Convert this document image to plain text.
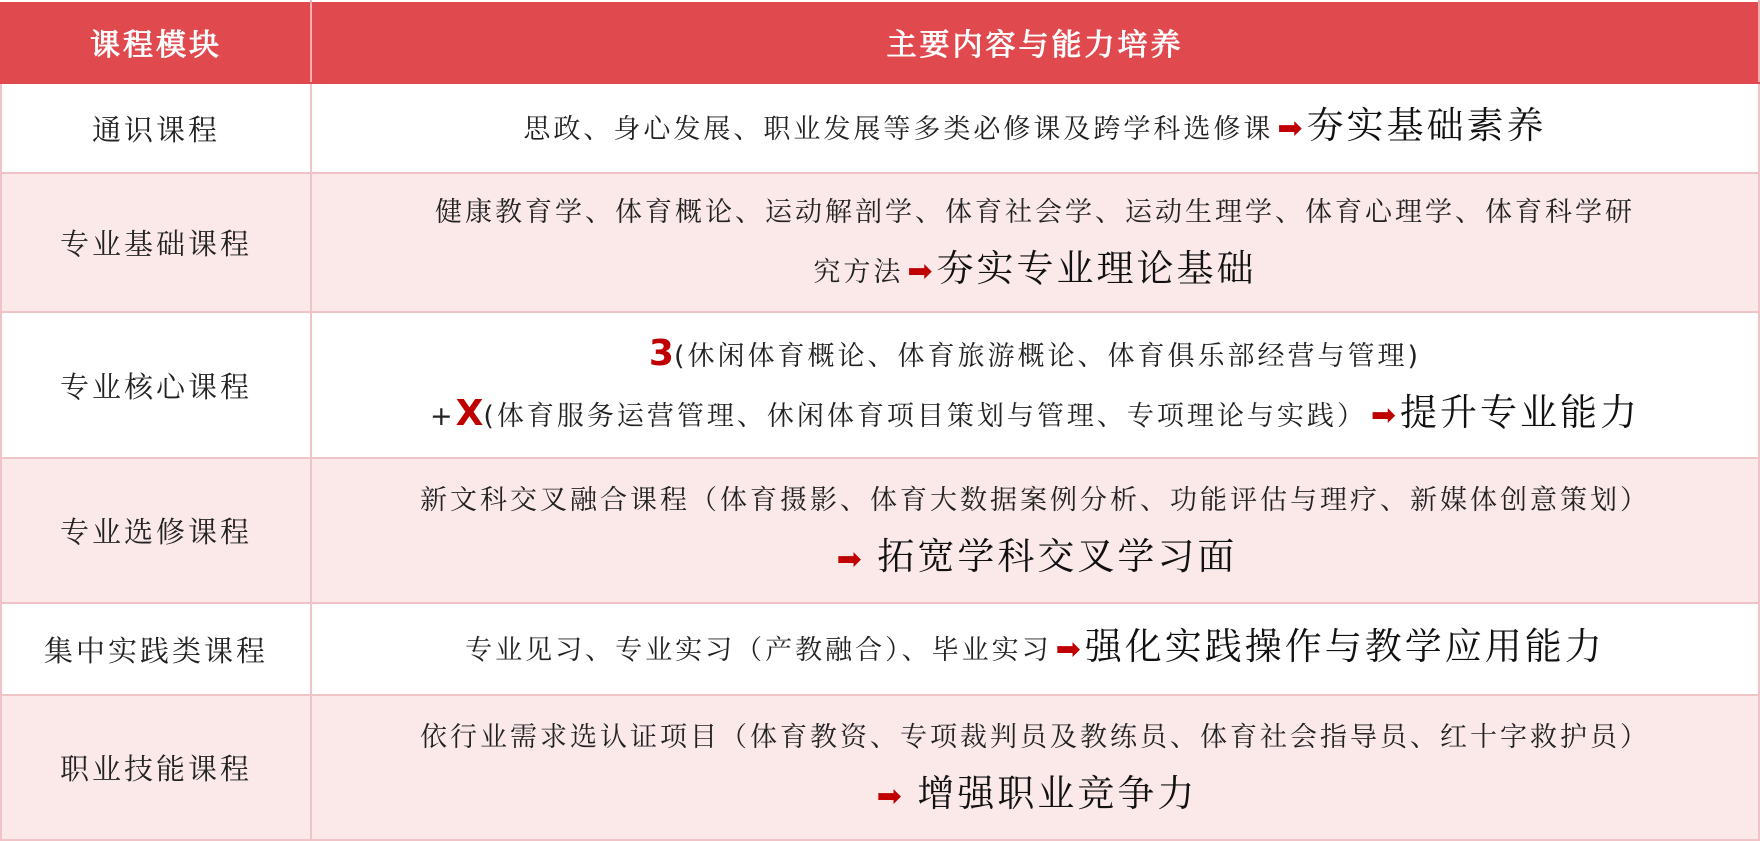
课程模块	主要内容与能力培养
通识课程	思政、身心发展、职业发展等多类必修课及跨学科选修课 ➡ 夯实基础素养
专业基础课程	健康教育学、体育概论、运动解剖学、体育社会学、运动生理学、体育心理学、体育科学研
究方法 ➡ 夯实专业理论基础

专业核心课程	3(休闲体育概论、体育旅游概论、体育俱乐部经营与管理)
+X(体育服务运营管理、休闲体育项目策划与管理、专项理论与实践） ➡ 提升专业能力

专业选修课程	新文科交叉融合课程（体育摄影、体育大数据案例分析、功能评估与理疗、新媒体创意策划）
➡ 拓宽学科交叉学习面

集中实践类课程	专业见习、专业实习（产教融合）、毕业实习 ➡ 强化实践操作与教学应用能力
职业技能课程	依行业需求选认证项目（体育教资、专项裁判员及教练员、体育社会指导员、红十字救护员）
➡ 增强职业竞争力
